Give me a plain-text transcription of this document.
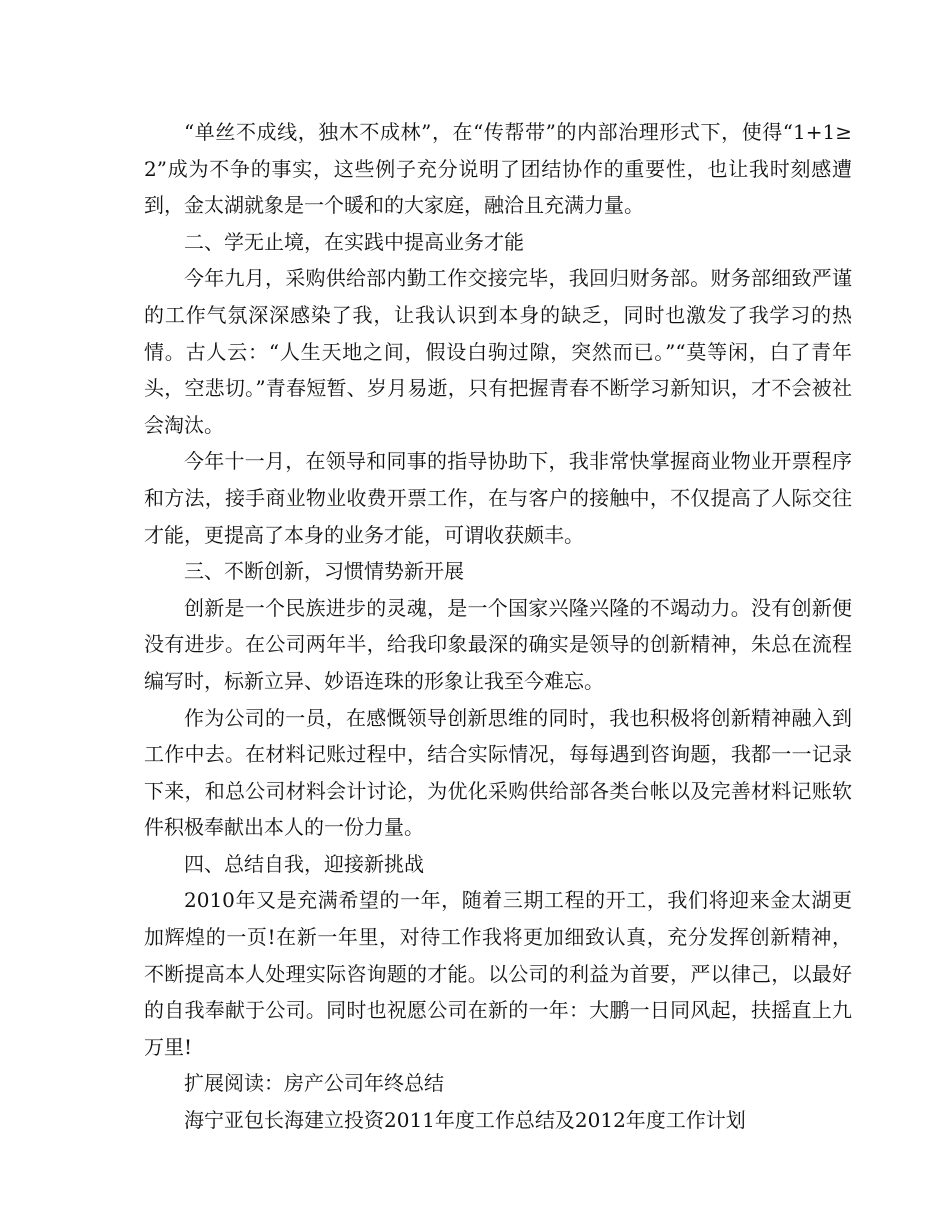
“单丝不成线，独木不成林”，在“传帮带”的内部治理形式下，使得“1+1≥2”成为不争的事实，这些例子充分说明了团结协作的重要性，也让我时刻感遭到，金太湖就象是一个暖和的大家庭，融洽且充满力量。

二、学无止境，在实践中提高业务才能

今年九月，采购供给部内勤工作交接完毕，我回归财务部。财务部细致严谨的工作气氛深深感染了我，让我认识到本身的缺乏，同时也激发了我学习的热情。古人云：“人生天地之间，假设白驹过隙，突然而已。”“莫等闲，白了青年头，空悲切。”青春短暂、岁月易逝，只有把握青春不断学习新知识，才不会被社会淘汰。

今年十一月，在领导和同事的指导协助下，我非常快掌握商业物业开票程序和方法，接手商业物业收费开票工作，在与客户的接触中，不仅提高了人际交往才能，更提高了本身的业务才能，可谓收获颇丰。

三、不断创新，习惯情势新开展

创新是一个民族进步的灵魂，是一个国家兴隆兴隆的不竭动力。没有创新便没有进步。在公司两年半，给我印象最深的确实是领导的创新精神，朱总在流程编写时，标新立异、妙语连珠的形象让我至今难忘。

作为公司的一员，在感慨领导创新思维的同时，我也积极将创新精神融入到工作中去。在材料记账过程中，结合实际情况，每每遇到咨询题，我都一一记录下来，和总公司材料会计讨论，为优化采购供给部各类台帐以及完善材料记账软件积极奉献出本人的一份力量。

四、总结自我，迎接新挑战

2010年又是充满希望的一年，随着三期工程的开工，我们将迎来金太湖更加辉煌的一页!在新一年里，对待工作我将更加细致认真，充分发挥创新精神，不断提高本人处理实际咨询题的才能。以公司的利益为首要，严以律己，以最好的自我奉献于公司。同时也祝愿公司在新的一年：大鹏一日同风起，扶摇直上九万里!

扩展阅读：房产公司年终总结

海宁亚包长海建立投资2011年度工作总结及2012年度工作计划
